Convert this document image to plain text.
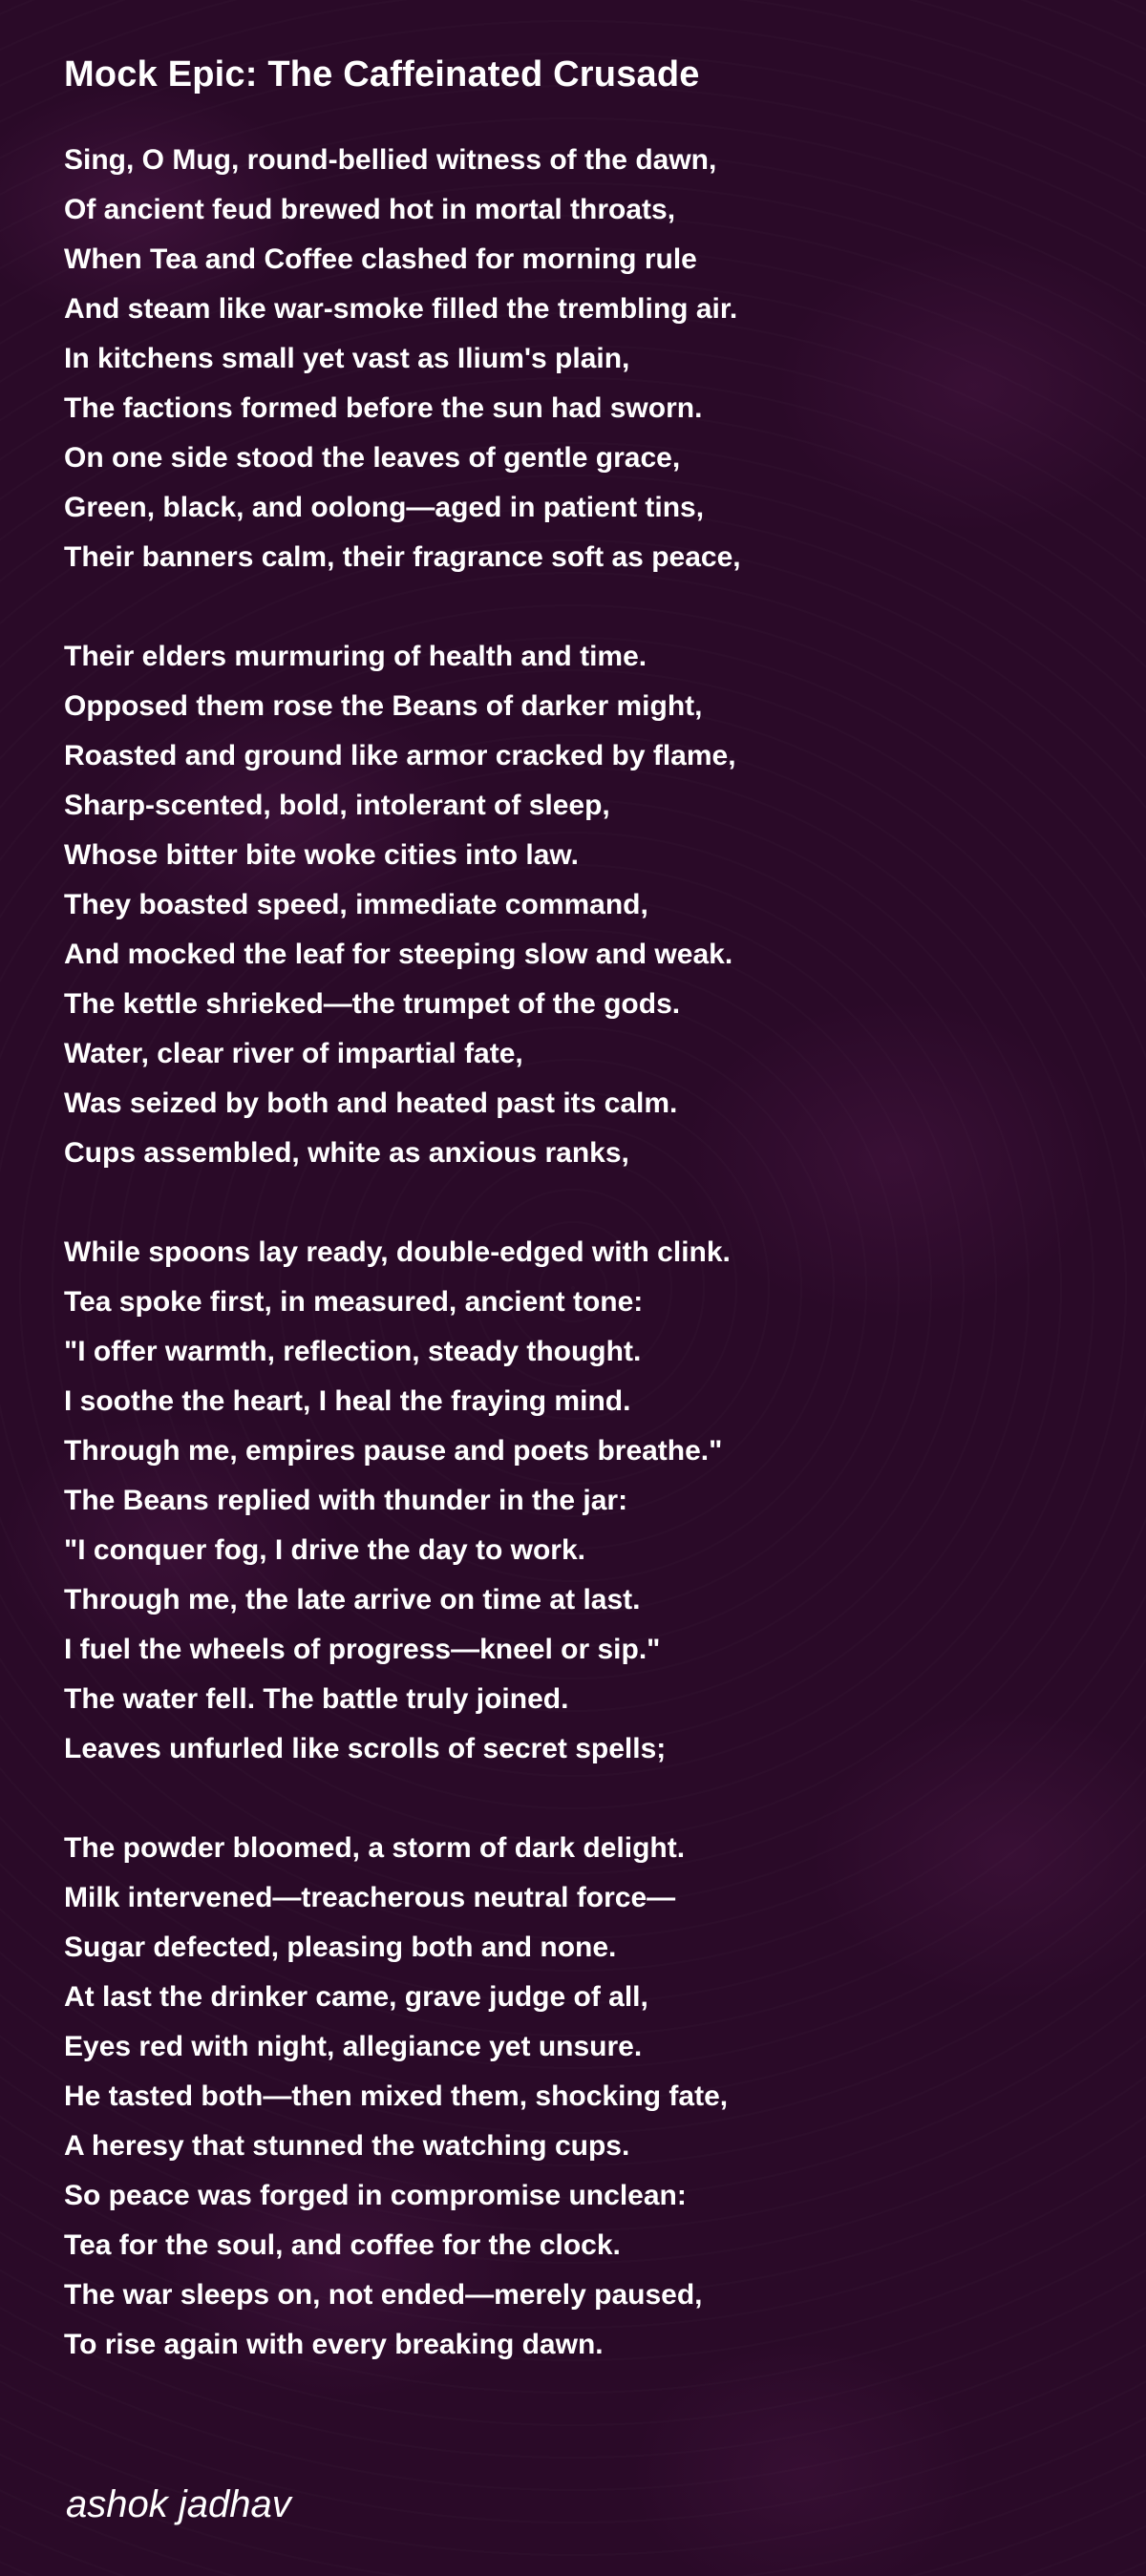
Mock Epic: The Caffeinated Crusade
Sing, O Mug, round-bellied witness of the dawn,
Of ancient feud brewed hot in mortal throats,
When Tea and Coffee clashed for morning rule
And steam like war-smoke filled the trembling air.
In kitchens small yet vast as Ilium's plain,
The factions formed before the sun had sworn.
On one side stood the leaves of gentle grace,
Green, black, and oolong—aged in patient tins,
Their banners calm, their fragrance soft as peace,
Their elders murmuring of health and time.
Opposed them rose the Beans of darker might,
Roasted and ground like armor cracked by flame,
Sharp-scented, bold, intolerant of sleep,
Whose bitter bite woke cities into law.
They boasted speed, immediate command,
And mocked the leaf for steeping slow and weak.
The kettle shrieked—the trumpet of the gods.
Water, clear river of impartial fate,
Was seized by both and heated past its calm.
Cups assembled, white as anxious ranks,
While spoons lay ready, double-edged with clink.
Tea spoke first, in measured, ancient tone:
"I offer warmth, reflection, steady thought.
I soothe the heart, I heal the fraying mind.
Through me, empires pause and poets breathe."
The Beans replied with thunder in the jar:
"I conquer fog, I drive the day to work.
Through me, the late arrive on time at last.
I fuel the wheels of progress—kneel or sip."
The water fell. The battle truly joined.
Leaves unfurled like scrolls of secret spells;
The powder bloomed, a storm of dark delight.
Milk intervened—treacherous neutral force—
Sugar defected, pleasing both and none.
At last the drinker came, grave judge of all,
Eyes red with night, allegiance yet unsure.
He tasted both—then mixed them, shocking fate,
A heresy that stunned the watching cups.
So peace was forged in compromise unclean:
Tea for the soul, and coffee for the clock.
The war sleeps on, not ended—merely paused,
To rise again with every breaking dawn.
ashok jadhav
